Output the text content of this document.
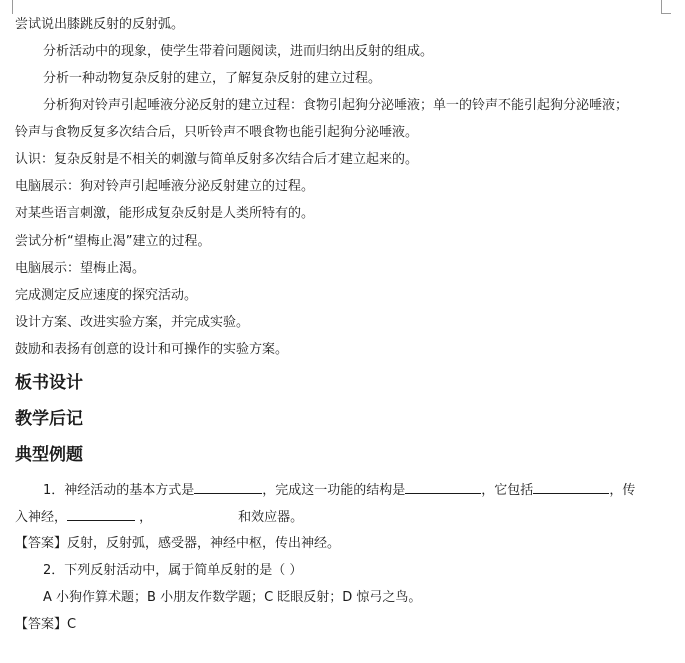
尝试说出膝跳反射的反射弧。
分析活动中的现象，使学生带着问题阅读，进而归纳出反射的组成。
分析一种动物复杂反射的建立，了解复杂反射的建立过程。
分析狗对铃声引起唾液分泌反射的建立过程：食物引起狗分泌唾液；单一的铃声不能引起狗分泌唾液；
铃声与食物反复多次结合后，只听铃声不喂食物也能引起狗分泌唾液。
认识：复杂反射是不相关的刺激与简单反射多次结合后才建立起来的。
电脑展示：狗对铃声引起唾液分泌反射建立的过程。
对某些语言刺激，能形成复杂反射是人类所特有的。
尝试分析“望梅止渴”建立的过程。
电脑展示：望梅止渴。
完成测定反应速度的探究活动。
设计方案、改进实验方案，并完成实验。
鼓励和表扬有创意的设计和可操作的实验方案。
板书设计
教学后记
典型例题
1．神经活动的基本方式是	，完成这一功能的结构是	，它包括	，传
入神经，	，	和效应器。
【答案】反射，反射弧，感受器，神经中枢，传出神经。
2．下列反射活动中，属于简单反射的是（ ）
A 小狗作算术题；B 小朋友作数学题；C 眨眼反射；D 惊弓之鸟。
【答案】C
